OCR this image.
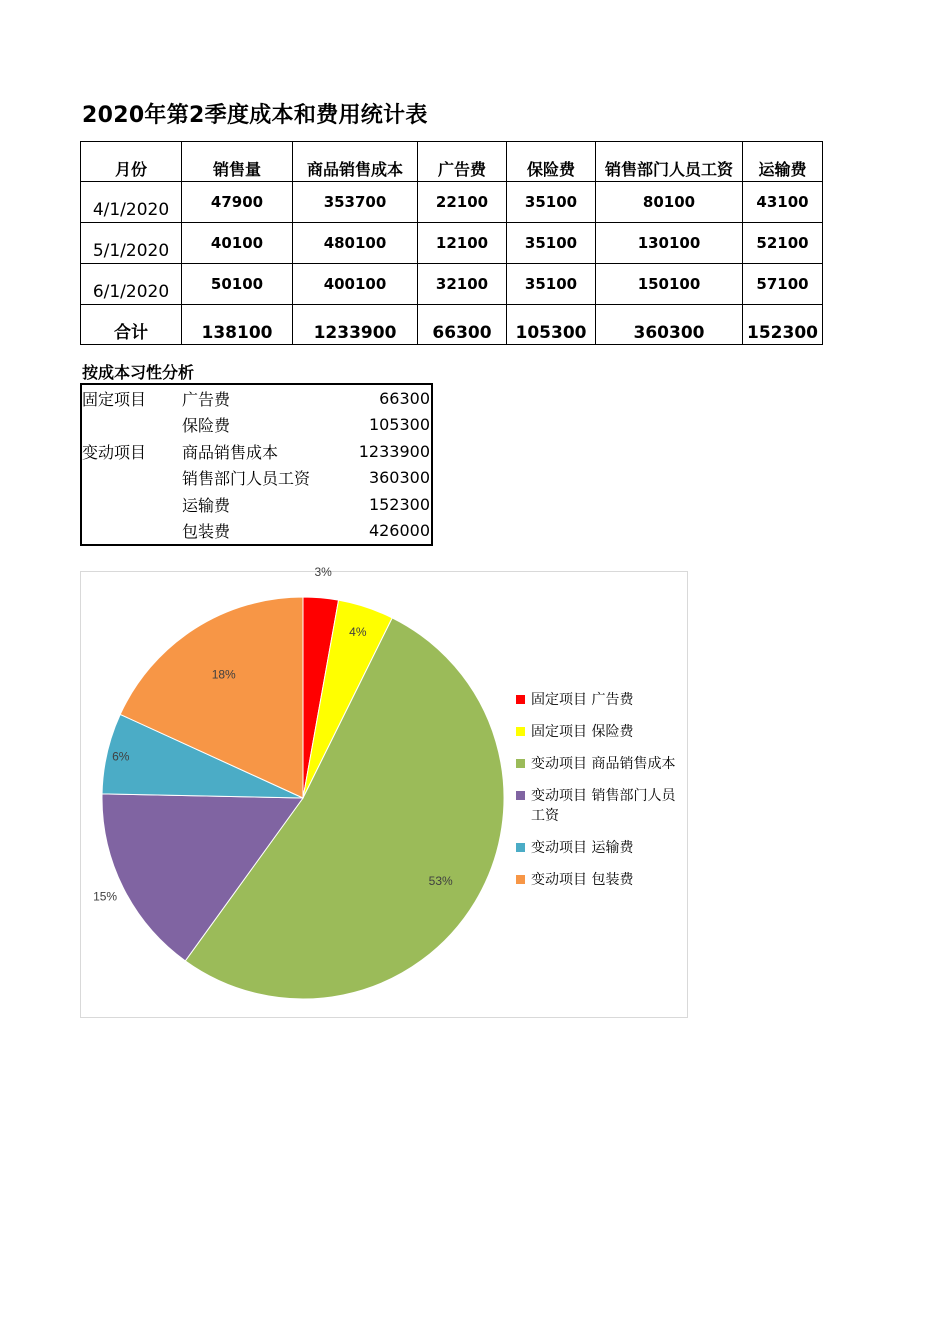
2020年第2季度成本和费用统计表
月份	销售量	商品销售成本	广告费	保险费	销售部门人员工资	运输费
4/1/2020	47900	353700	22100	35100	80100	43100
5/1/2020	40100	480100	12100	35100	130100	52100
6/1/2020	50100	400100	32100	35100	150100	57100
合计	138100	1233900	66300	105300	360300	152300
按成本习性分析
固定项目	广告费	66300
	保险费	105300
变动项目	商品销售成本	1233900
	销售部门人员工资	360300
	运输费	152300
	包装费	426000
3%
4%
53%
15%
6%
18%
固定项目 广告费
固定项目 保险费
变动项目 商品销售成本
变动项目 销售部门人员工资
变动项目 运输费
变动项目 包装费
